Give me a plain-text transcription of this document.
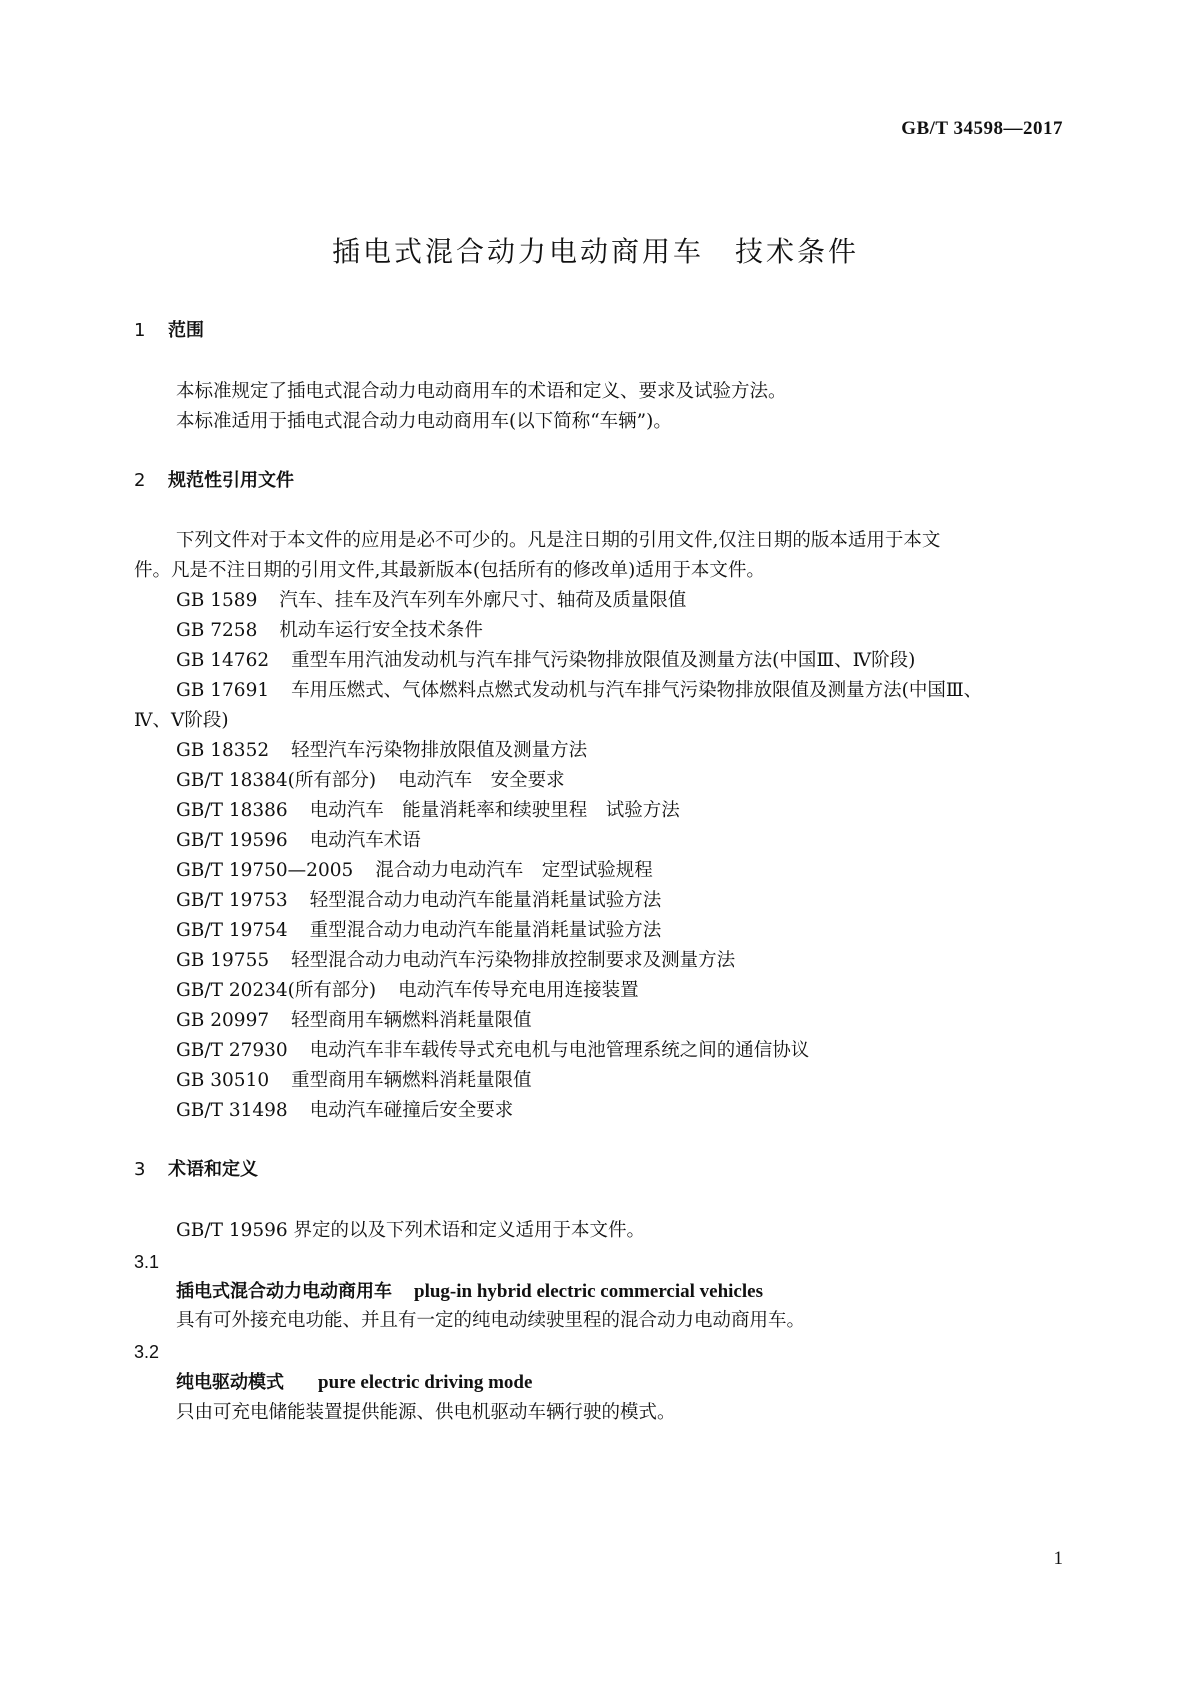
GB/T 34598—2017
插电式混合动力电动商用车　技术条件
1 范围
本标准规定了插电式混合动力电动商用车的术语和定义、要求及试验方法。
本标准适用于插电式混合动力电动商用车(以下简称“车辆”)。
2 规范性引用文件
下列文件对于本文件的应用是必不可少的。凡是注日期的引用文件,仅注日期的版本适用于本文
件。凡是不注日期的引用文件,其最新版本(包括所有的修改单)适用于本文件。
GB 1589 汽车、挂车及汽车列车外廓尺寸、轴荷及质量限值
GB 7258 机动车运行安全技术条件
GB 14762 重型车用汽油发动机与汽车排气污染物排放限值及测量方法(中国Ⅲ、Ⅳ阶段)
GB 17691 车用压燃式、气体燃料点燃式发动机与汽车排气污染物排放限值及测量方法(中国Ⅲ、
Ⅳ、Ⅴ阶段)
GB 18352 轻型汽车污染物排放限值及测量方法
GB/T 18384(所有部分) 电动汽车　安全要求
GB/T 18386 电动汽车　能量消耗率和续驶里程　试验方法
GB/T 19596 电动汽车术语
GB/T 19750—2005 混合动力电动汽车　定型试验规程
GB/T 19753 轻型混合动力电动汽车能量消耗量试验方法
GB/T 19754 重型混合动力电动汽车能量消耗量试验方法
GB 19755 轻型混合动力电动汽车污染物排放控制要求及测量方法
GB/T 20234(所有部分) 电动汽车传导充电用连接装置
GB 20997 轻型商用车辆燃料消耗量限值
GB/T 27930 电动汽车非车载传导式充电机与电池管理系统之间的通信协议
GB 30510 重型商用车辆燃料消耗量限值
GB/T 31498 电动汽车碰撞后安全要求
3 术语和定义
GB/T 19596 界定的以及下列术语和定义适用于本文件。
3.1
插电式混合动力电动商用车 plug-in hybrid electric commercial vehicles
具有可外接充电功能、并且有一定的纯电动续驶里程的混合动力电动商用车。
3.2
纯电驱动模式 pure electric driving mode
只由可充电储能装置提供能源、供电机驱动车辆行驶的模式。
1
